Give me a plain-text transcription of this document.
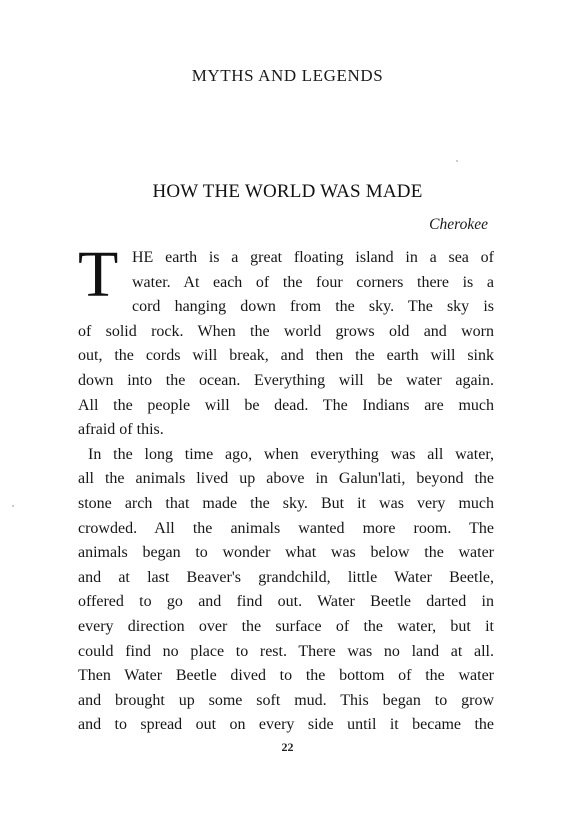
MYTHS AND LEGENDS
HOW THE WORLD WAS MADE
Cherokee
T HE earth is a great floating island in a sea of
water. At each of the four corners there is a
cord hanging down from the sky. The sky is
of solid rock. When the world grows old and worn
out, the cords will break, and then the earth will sink
down into the ocean. Everything will be water again.
All the people will be dead. The Indians are much
afraid of this.
In the long time ago, when everything was all water,
all the animals lived up above in Galun'lati, beyond the
stone arch that made the sky. But it was very much
crowded. All the animals wanted more room. The
animals began to wonder what was below the water
and at last Beaver's grandchild, little Water Beetle,
offered to go and find out. Water Beetle darted in
every direction over the surface of the water, but it
could find no place to rest. There was no land at all.
Then Water Beetle dived to the bottom of the water
and brought up some soft mud. This began to grow
and to spread out on every side until it became the
22
